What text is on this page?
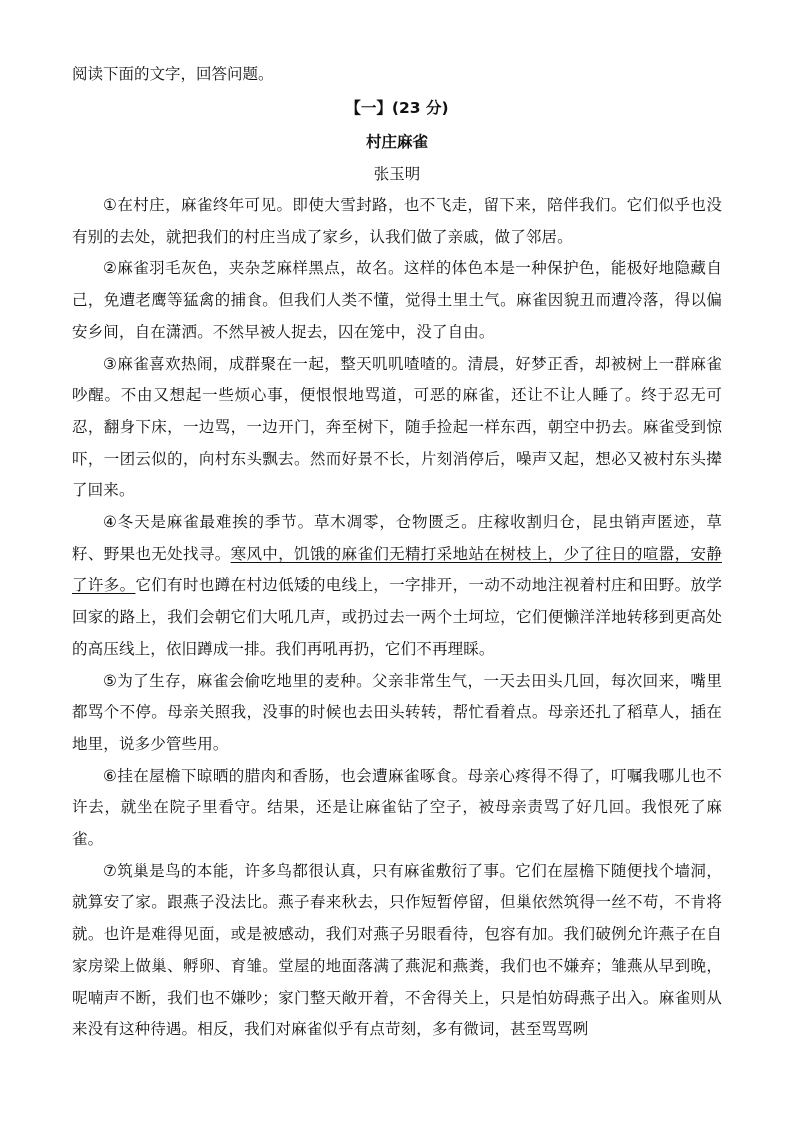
阅读下面的文字，回答问题。

【一】(23 分)

村庄麻雀

张玉明

①在村庄，麻雀终年可见。即使大雪封路，也不飞走，留下来，陪伴我们。它们似乎也没有别的去处，就把我们的村庄当成了家乡，认我们做了亲戚，做了邻居。

②麻雀羽毛灰色，夹杂芝麻样黑点，故名。这样的体色本是一种保护色，能极好地隐藏自己，免遭老鹰等猛禽的捕食。但我们人类不懂，觉得土里土气。麻雀因貌丑而遭冷落，得以偏安乡间，自在潇洒。不然早被人捉去，囚在笼中，没了自由。

③麻雀喜欢热闹，成群聚在一起，整天叽叽喳喳的。清晨，好梦正香，却被树上一群麻雀吵醒。不由又想起一些烦心事，便恨恨地骂道，可恶的麻雀，还让不让人睡了。终于忍无可忍，翻身下床，一边骂，一边开门，奔至树下，随手捡起一样东西，朝空中扔去。麻雀受到惊吓，一团云似的，向村东头飘去。然而好景不长，片刻消停后，噪声又起，想必又被村东头撵了回来。

④冬天是麻雀最难挨的季节。草木凋零，仓物匮乏。庄稼收割归仓，昆虫销声匿迹，草籽、野果也无处找寻。寒风中，饥饿的麻雀们无精打采地站在树枝上，少了往日的喧嚣，安静了许多。它们有时也蹲在村边低矮的电线上，一字排开，一动不动地注视着村庄和田野。放学回家的路上，我们会朝它们大吼几声，或扔过去一两个土坷垃，它们便懒洋洋地转移到更高处的高压线上，依旧蹲成一排。我们再吼再扔，它们不再理睬。

⑤为了生存，麻雀会偷吃地里的麦种。父亲非常生气，一天去田头几回，每次回来，嘴里都骂个不停。母亲关照我，没事的时候也去田头转转，帮忙看着点。母亲还扎了稻草人，插在地里，说多少管些用。

⑥挂在屋檐下晾晒的腊肉和香肠，也会遭麻雀啄食。母亲心疼得不得了，叮嘱我哪儿也不许去，就坐在院子里看守。结果，还是让麻雀钻了空子，被母亲责骂了好几回。我恨死了麻雀。

⑦筑巢是鸟的本能，许多鸟都很认真，只有麻雀敷衍了事。它们在屋檐下随便找个墙洞，就算安了家。跟燕子没法比。燕子春来秋去，只作短暂停留，但巢依然筑得一丝不苟，不肯将就。也许是难得见面，或是被感动，我们对燕子另眼看待，包容有加。我们破例允许燕子在自家房梁上做巢、孵卵、育雏。堂屋的地面落满了燕泥和燕粪，我们也不嫌弃；雏燕从早到晚，呢喃声不断，我们也不嫌吵；家门整天敞开着，不舍得关上，只是怕妨碍燕子出入。麻雀则从来没有这种待遇。相反，我们对麻雀似乎有点苛刻，多有微词，甚至骂骂咧
